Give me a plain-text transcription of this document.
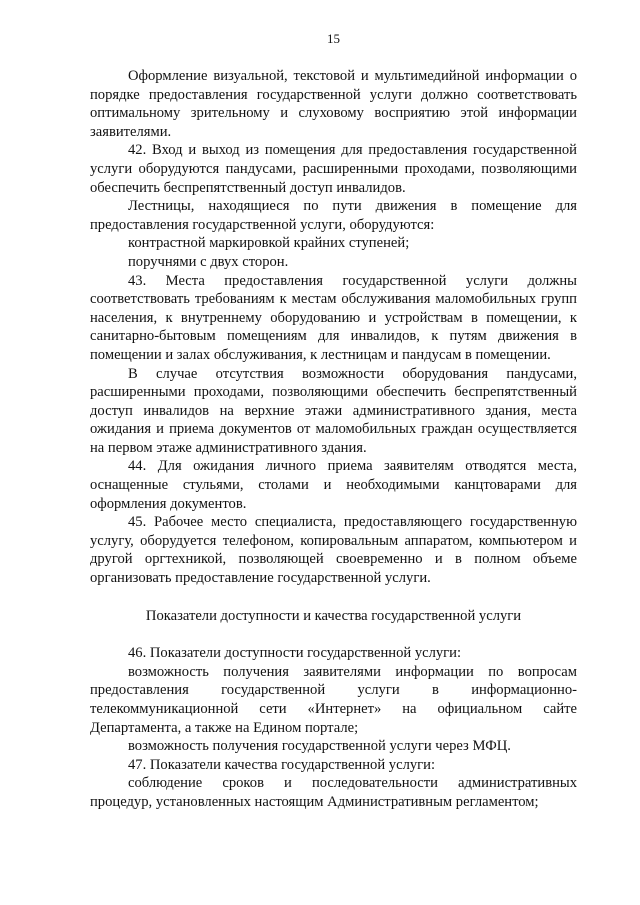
15

Оформление визуальной, текстовой и мультимедийной информации о порядке предоставления государственной услуги должно соответствовать оптимальному зрительному и слуховому восприятию этой информации заявителями.

42. Вход и выход из помещения для предоставления государственной услуги оборудуются пандусами, расширенными проходами, позволяющими обеспечить беспрепятственный доступ инвалидов.

Лестницы, находящиеся по пути движения в помещение для предоставления государственной услуги, оборудуются:

контрастной маркировкой крайних ступеней;

поручнями с двух сторон.

43. Места предоставления государственной услуги должны соответствовать требованиям к местам обслуживания маломобильных групп населения, к внутреннему оборудованию и устройствам в помещении, к санитарно-бытовым помещениям для инвалидов, к путям движения в помещении и залах обслуживания, к лестницам и пандусам в помещении.

В случае отсутствия возможности оборудования пандусами, расширенными проходами, позволяющими обеспечить беспрепятственный доступ инвалидов на верхние этажи административного здания, места ожидания и приема документов от маломобильных граждан осуществляется на первом этаже административного здания.

44. Для ожидания личного приема заявителям отводятся места, оснащенные стульями, столами и необходимыми канцтоварами для оформления документов.

45. Рабочее место специалиста, предоставляющего государственную услугу, оборудуется телефоном, копировальным аппаратом, компьютером и другой оргтехникой, позволяющей своевременно и в полном объеме организовать предоставление государственной услуги.

Показатели доступности и качества государственной услуги

46. Показатели доступности государственной услуги:

возможность получения заявителями информации по вопросам предоставления государственной услуги в информационно-телекоммуникационной сети «Интернет» на официальном сайте Департамента, а также на Едином портале;

возможность получения государственной услуги через МФЦ.

47. Показатели качества государственной услуги:

соблюдение сроков и последовательности административных процедур, установленных настоящим Административным регламентом;
